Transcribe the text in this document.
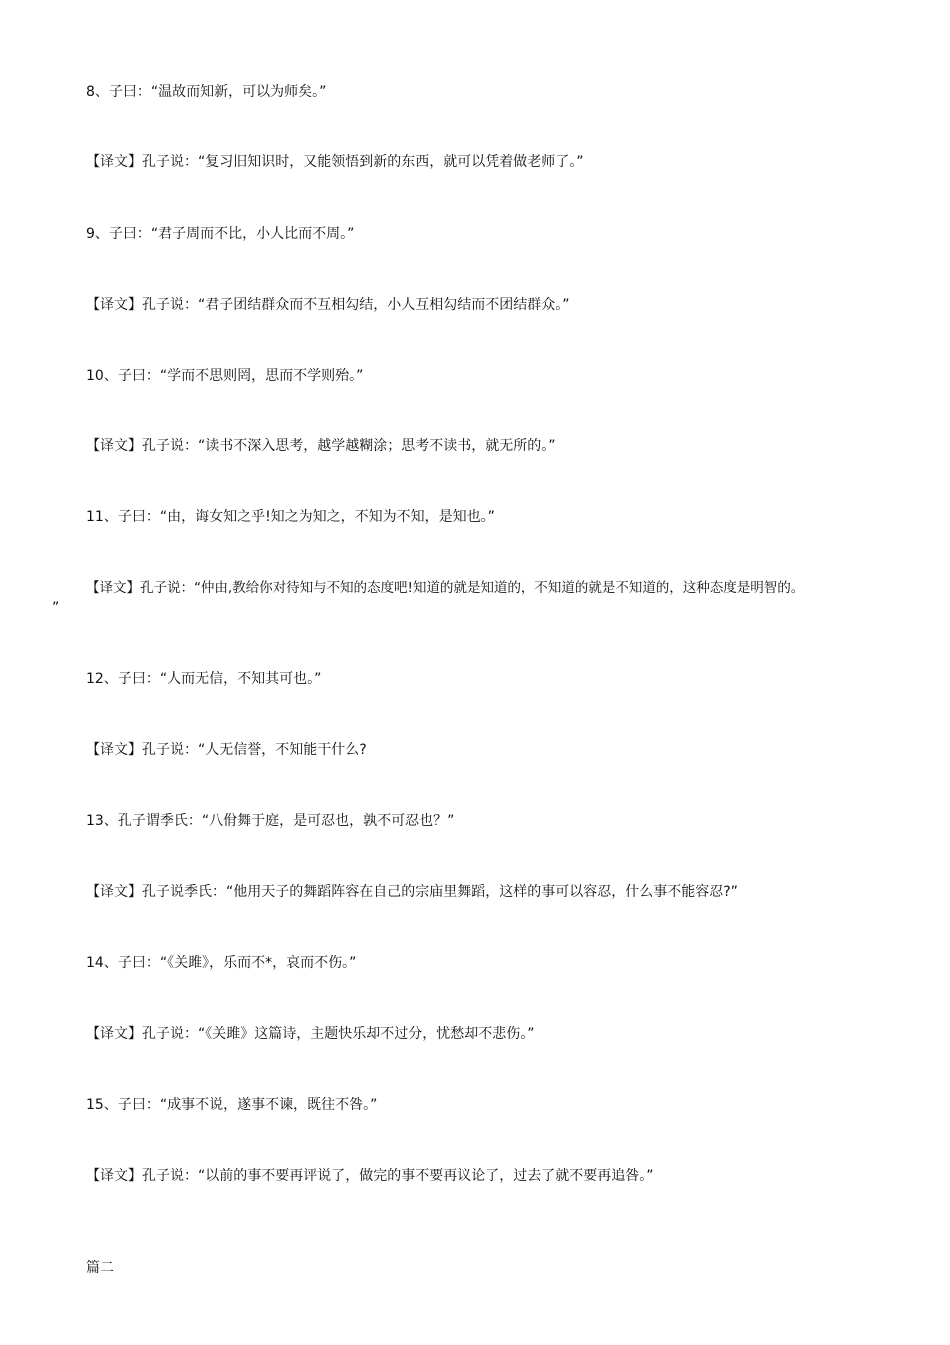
8、子曰：“温故而知新，可以为师矣。”
【译文】孔子说：“复习旧知识时，又能领悟到新的东西，就可以凭着做老师了。”
9、子曰：“君子周而不比，小人比而不周。”
【译文】孔子说：“君子团结群众而不互相勾结，小人互相勾结而不团结群众。”
10、子曰：“学而不思则罔，思而不学则殆。”
【译文】孔子说：“读书不深入思考，越学越糊涂；思考不读书，就无所的。”
11、子曰：“由，诲女知之乎!知之为知之，不知为不知，是知也。”
【译文】孔子说：“仲由,教给你对待知与不知的态度吧!知道的就是知道的，不知道的就是不知道的，这种态度是明智的。
”
12、子曰：“人而无信，不知其可也。”
【译文】孔子说：“人无信誉，不知能干什么?
13、孔子谓季氏：“八佾舞于庭，是可忍也，孰不可忍也？”
【译文】孔子说季氏：“他用天子的舞蹈阵容在自己的宗庙里舞蹈，这样的事可以容忍，什么事不能容忍?”
14、子曰：“《关雎》，乐而不*，哀而不伤。”
【译文】孔子说：“《关雎》这篇诗，主题快乐却不过分，忧愁却不悲伤。”
15、子曰：“成事不说，遂事不谏，既往不咎。”
【译文】孔子说：“以前的事不要再评说了，做完的事不要再议论了，过去了就不要再追咎。”
篇二
